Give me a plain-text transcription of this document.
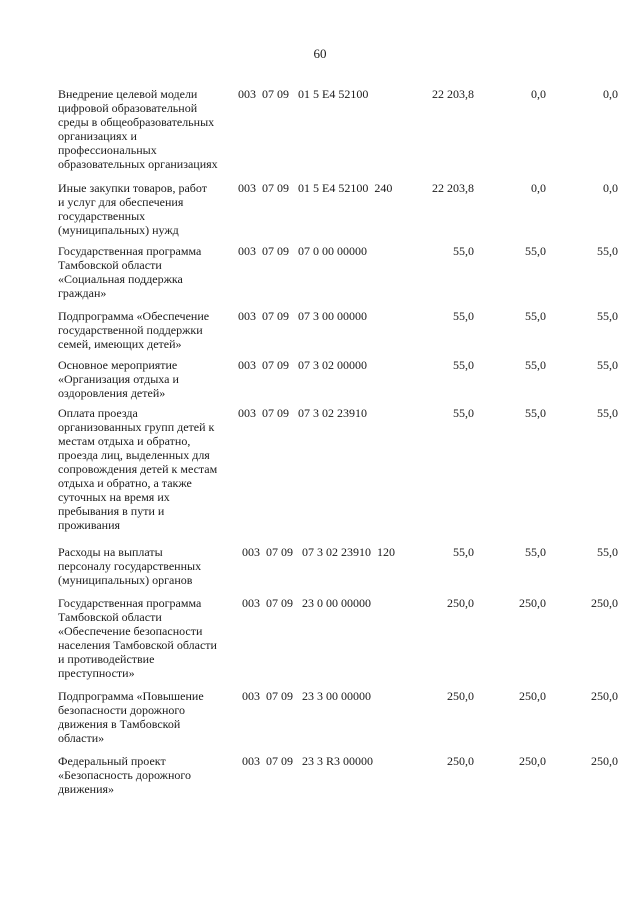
60
Внедрение целевой модели
цифровой образовательной
среды в общеобразовательных
организациях и
профессиональных
образовательных организациях
003  07 09   01 5 E4 52100	22 203,8	0,0	0,0
Иные закупки товаров, работ
и услуг для обеспечения
государственных
(муниципальных) нужд
003  07 09   01 5 E4 52100  240	22 203,8	0,0	0,0
Государственная программа
Тамбовской области
«Социальная поддержка
граждан»
003  07 09   07 0 00 00000	55,0	55,0	55,0
Подпрограмма «Обеспечение
государственной поддержки
семей, имеющих детей»
003  07 09   07 3 00 00000	55,0	55,0	55,0
Основное мероприятие
«Организация отдыха и
оздоровления детей»
003  07 09   07 3 02 00000	55,0	55,0	55,0
Оплата проезда
организованных групп детей к
местам отдыха и обратно,
проезда лиц, выделенных для
сопровождения детей к местам
отдыха и обратно, а также
суточных на время их
пребывания в пути и
проживания
003  07 09   07 3 02 23910	55,0	55,0	55,0
Расходы на выплаты
персоналу государственных
(муниципальных) органов
003  07 09   07 3 02 23910  120	55,0	55,0	55,0
Государственная программа
Тамбовской области
«Обеспечение безопасности
населения Тамбовской области
и противодействие
преступности»
003  07 09   23 0 00 00000	250,0	250,0	250,0
Подпрограмма «Повышение
безопасности дорожного
движения в Тамбовской
области»
003  07 09   23 3 00 00000	250,0	250,0	250,0
Федеральный проект
«Безопасность дорожного
движения»
003  07 09   23 3 R3 00000	250,0	250,0	250,0
